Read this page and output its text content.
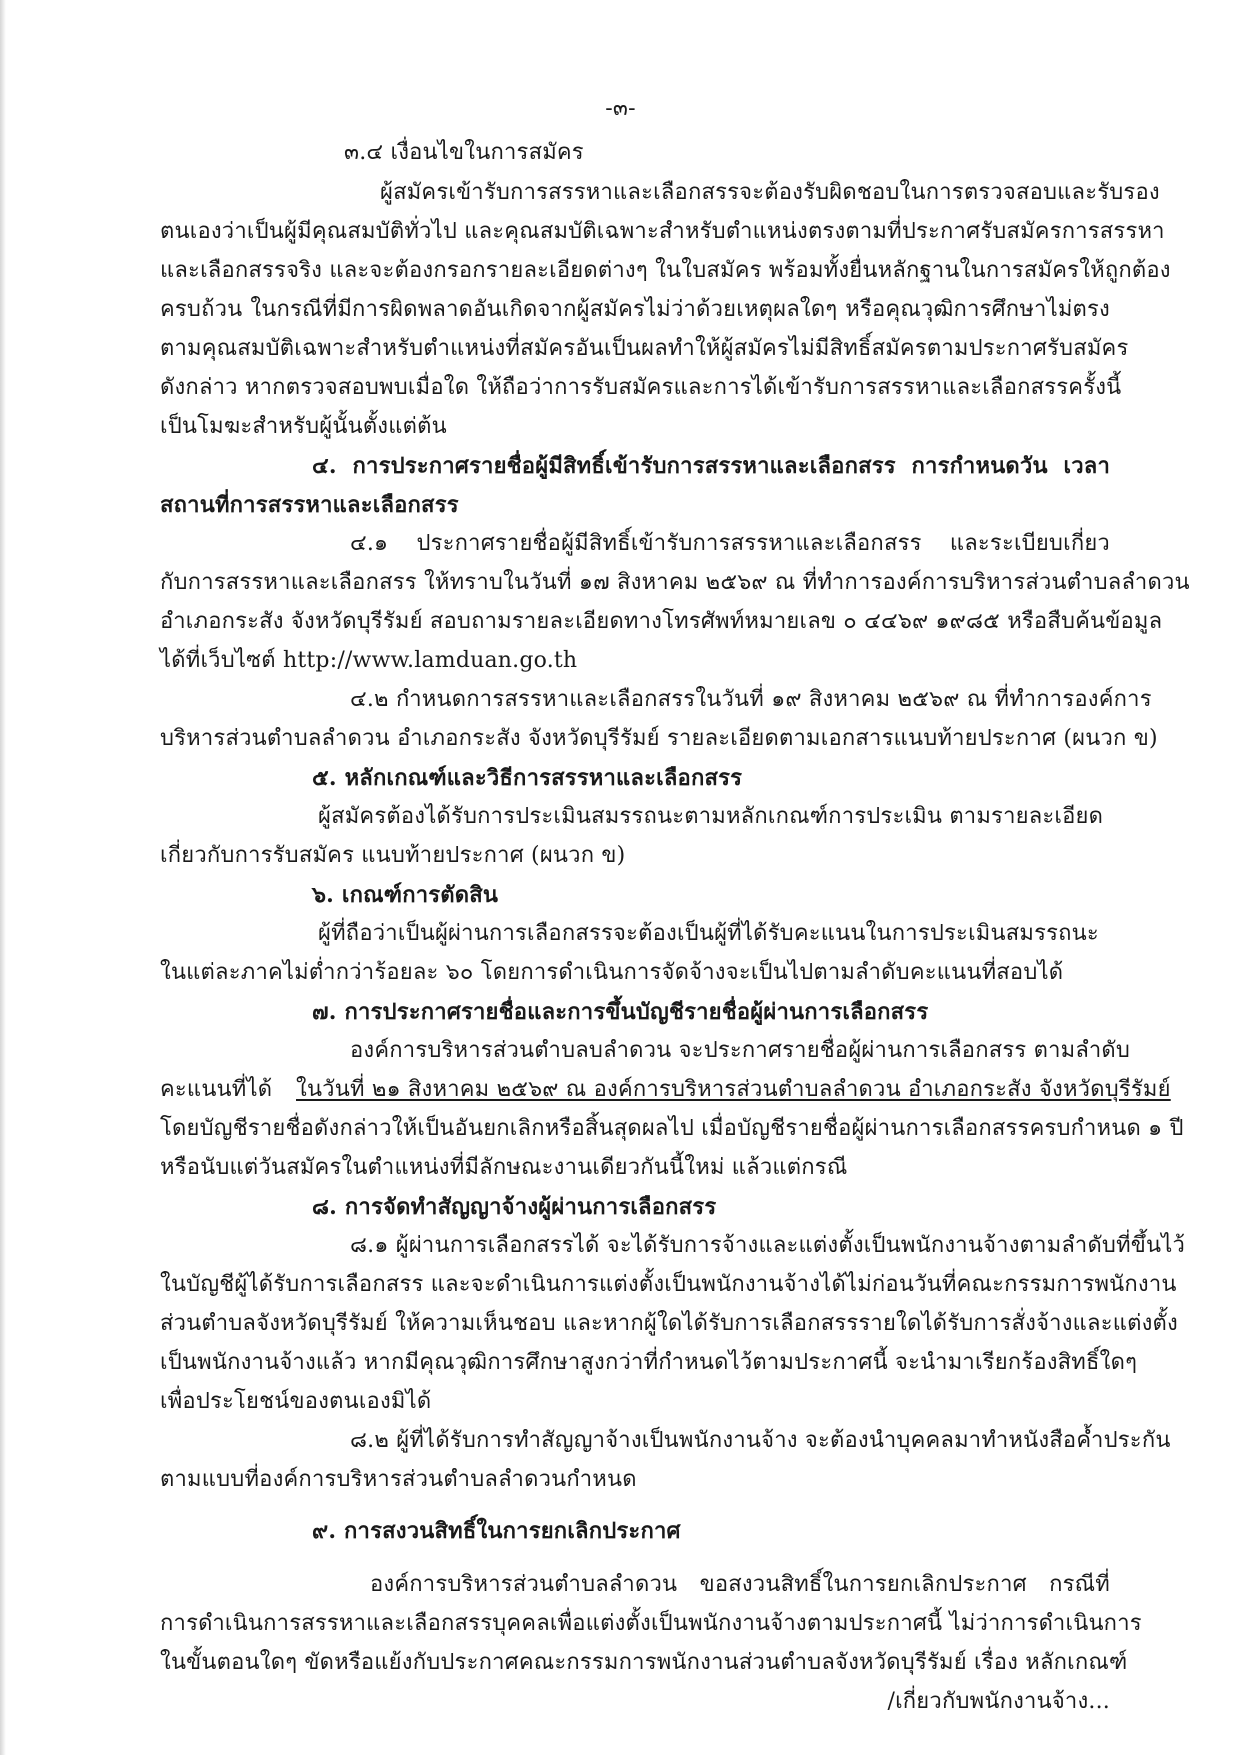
-๓-
๓.๔ เงื่อนไขในการสมัคร
ผู้สมัครเข้ารับการสรรหาและเลือกสรรจะต้องรับผิดชอบในการตรวจสอบและรับรอง
ตนเองว่าเป็นผู้มีคุณสมบัติทั่วไป และคุณสมบัติเฉพาะสำหรับตำแหน่งตรงตามที่ประกาศรับสมัครการสรรหา
และเลือกสรรจริง และจะต้องกรอกรายละเอียดต่างๆ ในใบสมัคร พร้อมทั้งยื่นหลักฐานในการสมัครให้ถูกต้อง
ครบถ้วน ในกรณีที่มีการผิดพลาดอันเกิดจากผู้สมัครไม่ว่าด้วยเหตุผลใดๆ หรือคุณวุฒิการศึกษาไม่ตรง
ตามคุณสมบัติเฉพาะสำหรับตำแหน่งที่สมัครอันเป็นผลทำให้ผู้สมัครไม่มีสิทธิ์สมัครตามประกาศรับสมัคร
ดังกล่าว หากตรวจสอบพบเมื่อใด ให้ถือว่าการรับสมัครและการได้เข้ารับการสรรหาและเลือกสรรครั้งนี้
เป็นโมฆะสำหรับผู้นั้นตั้งแต่ต้น
๔. การประกาศรายชื่อผู้มีสิทธิ์เข้ารับการสรรหาและเลือกสรร การกำหนดวัน เวลา
สถานที่การสรรหาและเลือกสรร
๔.๑ ประกาศรายชื่อผู้มีสิทธิ์เข้ารับการสรรหาและเลือกสรร และระเบียบเกี่ยว
กับการสรรหาและเลือกสรร ให้ทราบในวันที่ ๑๗ สิงหาคม ๒๕๖๙ ณ ที่ทำการองค์การบริหารส่วนตำบลลำดวน
อำเภอกระสัง จังหวัดบุรีรัมย์ สอบถามรายละเอียดทางโทรศัพท์หมายเลข ๐ ๔๔๖๙ ๑๙๘๕ หรือสืบค้นข้อมูล
ได้ที่เว็บไซต์ http://www.lamduan.go.th
๔.๒ กำหนดการสรรหาและเลือกสรรในวันที่ ๑๙ สิงหาคม ๒๕๖๙ ณ ที่ทำการองค์การ
บริหารส่วนตำบลลำดวน อำเภอกระสัง จังหวัดบุรีรัมย์ รายละเอียดตามเอกสารแนบท้ายประกาศ (ผนวก ข)
๕. หลักเกณฑ์และวิธีการสรรหาและเลือกสรร
ผู้สมัครต้องได้รับการประเมินสมรรถนะตามหลักเกณฑ์การประเมิน ตามรายละเอียด
เกี่ยวกับการรับสมัคร แนบท้ายประกาศ (ผนวก ข)
๖. เกณฑ์การตัดสิน
ผู้ที่ถือว่าเป็นผู้ผ่านการเลือกสรรจะต้องเป็นผู้ที่ได้รับคะแนนในการประเมินสมรรถนะ
ในแต่ละภาคไม่ต่ำกว่าร้อยละ ๖๐ โดยการดำเนินการจัดจ้างจะเป็นไปตามลำดับคะแนนที่สอบได้
๗. การประกาศรายชื่อและการขึ้นบัญชีรายชื่อผู้ผ่านการเลือกสรร
องค์การบริหารส่วนตำบลบลำดวน จะประกาศรายชื่อผู้ผ่านการเลือกสรร ตามลำดับ
คะแนนที่ได้	ในวันที่ ๒๑ สิงหาคม ๒๕๖๙ ณ องค์การบริหารส่วนตำบลลำดวน อำเภอกระสัง จังหวัดบุรีรัมย์
โดยบัญชีรายชื่อดังกล่าวให้เป็นอันยกเลิกหรือสิ้นสุดผลไป เมื่อบัญชีรายชื่อผู้ผ่านการเลือกสรรครบกำหนด ๑ ปี
หรือนับแต่วันสมัครในตำแหน่งที่มีลักษณะงานเดียวกันนี้ใหม่ แล้วแต่กรณี
๘. การจัดทำสัญญาจ้างผู้ผ่านการเลือกสรร
๘.๑ ผู้ผ่านการเลือกสรรได้ จะได้รับการจ้างและแต่งตั้งเป็นพนักงานจ้างตามลำดับที่ขึ้นไว้
ในบัญชีผู้ได้รับการเลือกสรร และจะดำเนินการแต่งตั้งเป็นพนักงานจ้างได้ไม่ก่อนวันที่คณะกรรมการพนักงาน
ส่วนตำบลจังหวัดบุรีรัมย์ ให้ความเห็นชอบ และหากผู้ใดได้รับการเลือกสรรรายใดได้รับการสั่งจ้างและแต่งตั้ง
เป็นพนักงานจ้างแล้ว หากมีคุณวุฒิการศึกษาสูงกว่าที่กำหนดไว้ตามประกาศนี้ จะนำมาเรียกร้องสิทธิ์ใดๆ
เพื่อประโยชน์ของตนเองมิได้
๘.๒ ผู้ที่ได้รับการทำสัญญาจ้างเป็นพนักงานจ้าง จะต้องนำบุคคลมาทำหนังสือค้ำประกัน
ตามแบบที่องค์การบริหารส่วนตำบลลำดวนกำหนด
๙. การสงวนสิทธิ์ในการยกเลิกประกาศ
องค์การบริหารส่วนตำบลลำดวน ขอสงวนสิทธิ์ในการยกเลิกประกาศ กรณีที่
การดำเนินการสรรหาและเลือกสรรบุคคลเพื่อแต่งตั้งเป็นพนักงานจ้างตามประกาศนี้ ไม่ว่าการดำเนินการ
ในขั้นตอนใดๆ ขัดหรือแย้งกับประกาศคณะกรรมการพนักงานส่วนตำบลจังหวัดบุรีรัมย์ เรื่อง หลักเกณฑ์
/เกี่ยวกับพนักงานจ้าง...
